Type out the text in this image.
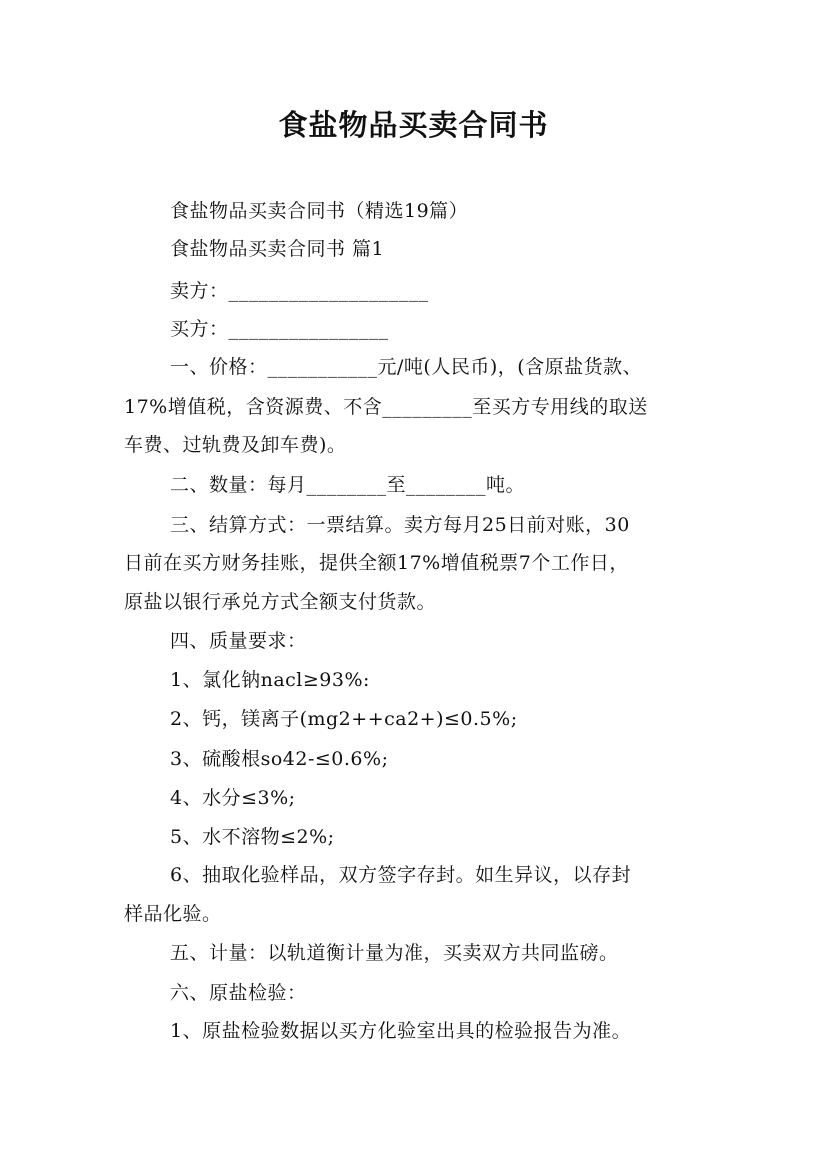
食盐物品买卖合同书
食盐物品买卖合同书（精选19篇）
食盐物品买卖合同书 篇1
卖方：____________________
买方：________________
一、价格：___________元/吨(人民币)，(含原盐货款、
17%增值税，含资源费、不含_________至买方专用线的取送
车费、过轨费及卸车费)。
二、数量：每月________至________吨。
三、结算方式：一票结算。卖方每月25日前对账，30
日前在买方财务挂账，提供全额17%增值税票7个工作日，
原盐以银行承兑方式全额支付货款。
四、质量要求：
1、氯化钠nacl≥93%:
2、钙，镁离子(mg2++ca2+)≤0.5%;
3、硫酸根so42-≤0.6%;
4、水分≤3%;
5、水不溶物≤2%;
6、抽取化验样品，双方签字存封。如生异议，以存封
样品化验。
五、计量：以轨道衡计量为准，买卖双方共同监磅。
六、原盐检验：
1、原盐检验数据以买方化验室出具的检验报告为准。
